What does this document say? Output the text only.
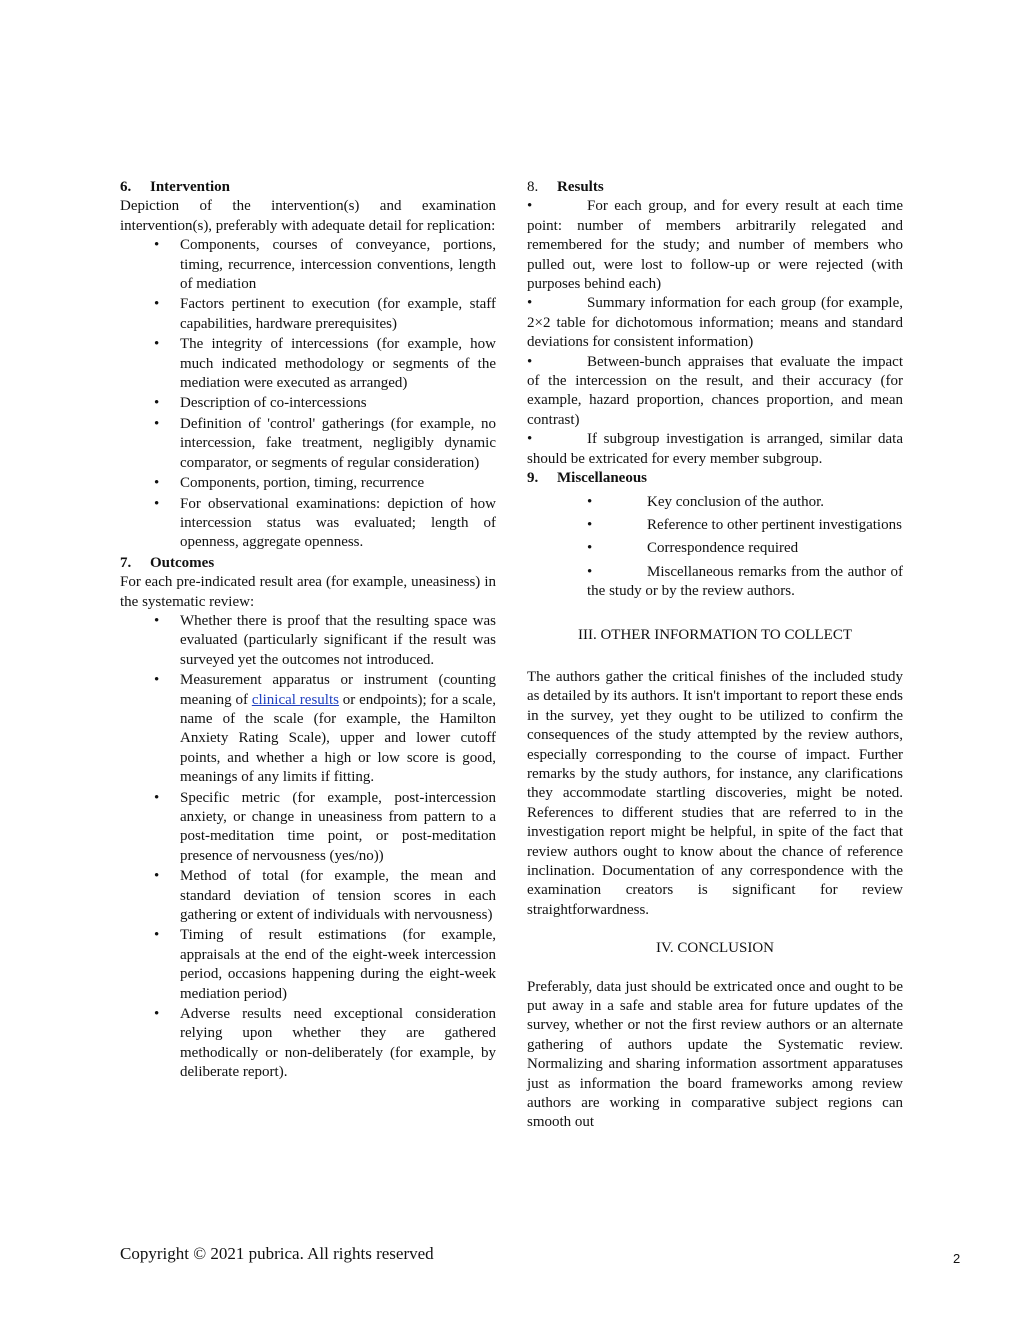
6. Intervention
Depiction of the intervention(s) and examination intervention(s), preferably with adequate detail for replication:
• Components, courses of conveyance, portions, timing, recurrence, intercession conventions, length of mediation
• Factors pertinent to execution (for example, staff capabilities, hardware prerequisites)
• The integrity of intercessions (for example, how much indicated methodology or segments of the mediation were executed as arranged)
• Description of co-intercessions
• Definition of 'control' gatherings (for example, no intercession, fake treatment, negligibly dynamic comparator, or segments of regular consideration)
• Components, portion, timing, recurrence
• For observational examinations: depiction of how intercession status was evaluated; length of openness, aggregate openness.
7. Outcomes
For each pre-indicated result area (for example, uneasiness) in the systematic review:
• Whether there is proof that the resulting space was evaluated (particularly significant if the result was surveyed yet the outcomes not introduced.
• Measurement apparatus or instrument (counting meaning of clinical results or endpoints); for a scale, name of the scale (for example, the Hamilton Anxiety Rating Scale), upper and lower cutoff points, and whether a high or low score is good, meanings of any limits if fitting.
• Specific metric (for example, post-intercession anxiety, or change in uneasiness from pattern to a post-meditation time point, or post-meditation presence of nervousness (yes/no))
• Method of total (for example, the mean and standard deviation of tension scores in each gathering or extent of individuals with nervousness)
• Timing of result estimations (for example, appraisals at the end of the eight-week intercession period, occasions happening during the eight-week mediation period)
• Adverse results need exceptional consideration relying upon whether they are gathered methodically or non-deliberately (for example, by deliberate report).
8. Results

•	For each group, and for every result at each time point: number of members arbitrarily relegated and remembered for the study; and number of members who pulled out, were lost to follow-up or were rejected (with purposes behind each)

•	Summary information for each group (for example, 2×2 table for dichotomous information; means and standard deviations for consistent information)

•	Between-bunch appraises that evaluate the impact of the intercession on the result, and their accuracy (for example, hazard proportion, chances proportion, and mean contrast)

•	If subgroup investigation is arranged, similar data should be extricated for every member subgroup.

9. Miscellaneous
•	Key conclusion of the author.
•	Reference to other pertinent investigations
•	Correspondence required
•	Miscellaneous remarks from the author of the study or by the review authors.

III. OTHER INFORMATION TO COLLECT

The authors gather the critical finishes of the included study as detailed by its authors. It isn't important to report these ends in the survey, yet they ought to be utilized to confirm the consequences of the study attempted by the review authors, especially corresponding to the course of impact. Further remarks by the study authors, for instance, any clarifications they accommodate startling discoveries, might be noted. References to different studies that are referred to in the investigation report might be helpful, in spite of the fact that review authors ought to know about the chance of reference inclination. Documentation of any correspondence with the examination creators is significant for review straightforwardness.

IV. CONCLUSION

Preferably, data just should be extricated once and ought to be put away in a safe and stable area for future updates of the survey, whether or not the first review authors or an alternate gathering of authors update the Systematic review. Normalizing and sharing information assortment apparatuses just as information the board frameworks among review authors are working in comparative subject regions can smooth out

Copyright © 2021 pubrica. All rights reserved	2
